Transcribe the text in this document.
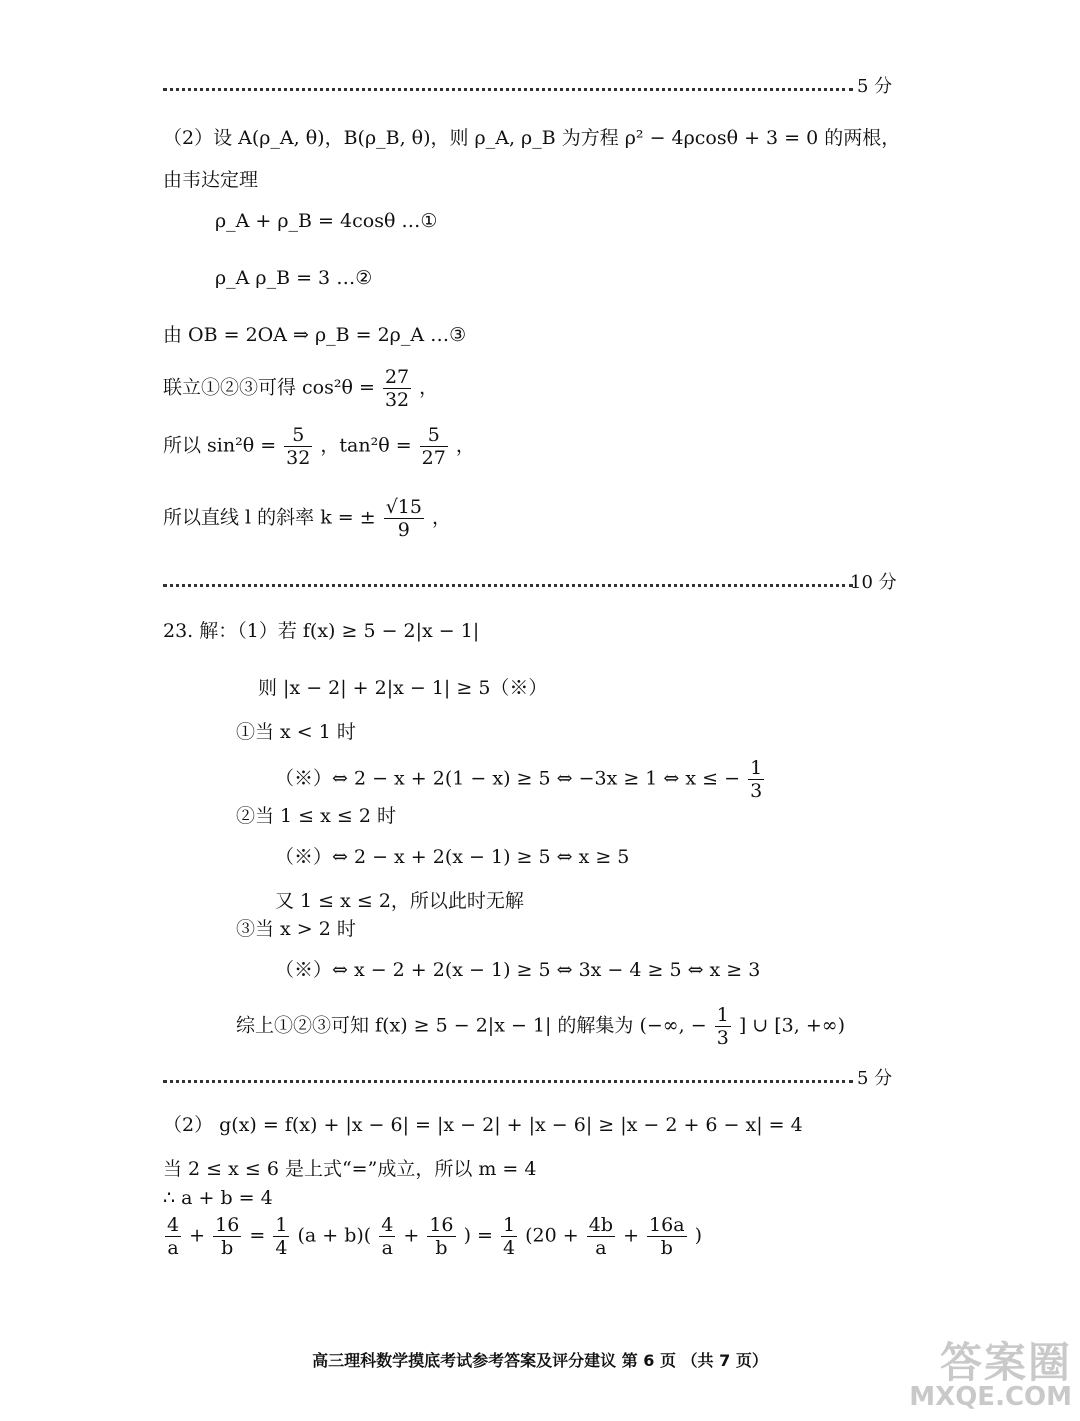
5 分
（2）设 A(ρ_A, θ)，B(ρ_B, θ)，则 ρ_A, ρ_B 为方程 ρ² − 4ρcosθ + 3 = 0 的两根，
由韦达定理
ρ_A + ρ_B = 4cosθ …①
ρ_A ρ_B = 3 …②
由 OB = 2OA ⇒ ρ_B = 2ρ_A …③
联立①②③可得 $\cos^2\theta = \frac{27}{32}$ ，
所以 $\sin^2\theta = \frac{5}{32}$ ，$\tan^2\theta = \frac{5}{27}$ ，
所以直线 l 的斜率 k = ± $\frac{√15}{9}$ ，
10 分
23. 解：（1）若 f(x) ≥ 5 − 2|x − 1|
则 |x − 2| + 2|x − 1| ≥ 5（※）
①当 x < 1 时
（※）⇔ 2 − x + 2(1 − x) ≥ 5 ⇔ −3x ≥ 1 ⇔ x ≤ − $\frac{1}{3}$
②当 1 ≤ x ≤ 2 时
（※）⇔ 2 − x + 2(x − 1) ≥ 5 ⇔ x ≥ 5
又 1 ≤ x ≤ 2，所以此时无解
③当 x > 2 时
（※）⇔ x − 2 + 2(x − 1) ≥ 5 ⇔ 3x − 4 ≥ 5 ⇔ x ≥ 3
综上①②③可知 f(x) ≥ 5 − 2|x − 1| 的解集为 (−∞, − $\frac{1}{3}$ ] ∪ [3, +∞)
5 分
（2） g(x) = f(x) + |x − 6| = |x − 2| + |x − 6| ≥ |x − 2 + 6 − x| = 4
当 2 ≤ x ≤ 6 是上式“=”成立，所以 m = 4
∴ a + b = 4
$\frac{4}{a} + \frac{16}{b} = \frac{1}{4} (a + b)( \frac{4}{a} + \frac{16}{b}$ ) = $\frac{1}{4} (20 + \frac{4b}{a} + \frac{16a}{b}$ )
高三理科数学摸底考试参考答案及评分建议 第 6 页 （共 7 页）	答案圈
MXQE.COM
